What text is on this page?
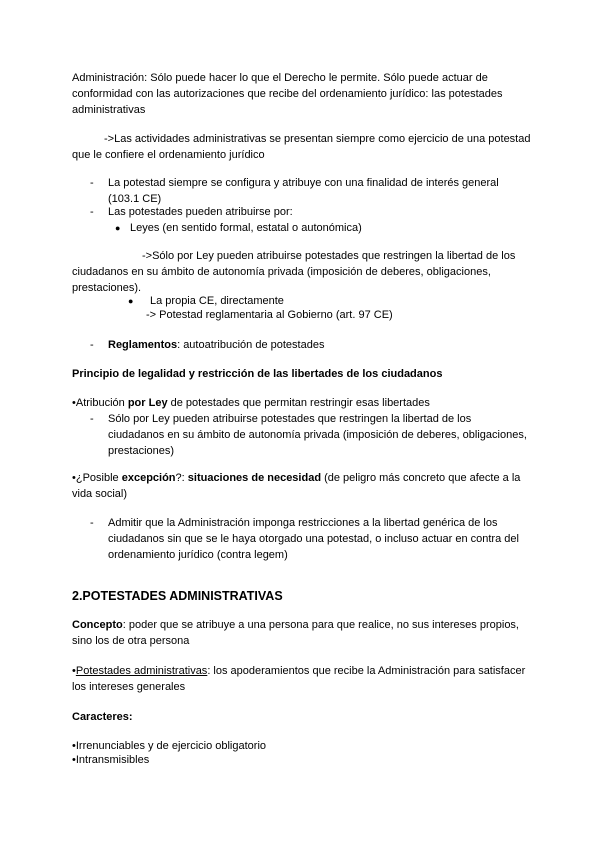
Administración: Sólo puede hacer lo que el Derecho le permite. Sólo puede actuar de conformidad con las autorizaciones que recibe del ordenamiento jurídico: las potestades administrativas
->Las actividades administrativas se presentan siempre como ejercicio de una potestad que le confiere el ordenamiento jurídico
-	La potestad siempre se configura y atribuye con una finalidad de interés general (103.1 CE)
-	Las potestades pueden atribuirse por:
● Leyes (en sentido formal, estatal o autonómica)
->Sólo por Ley pueden atribuirse potestades que restringen la libertad de los ciudadanos en su ámbito de autonomía privada (imposición de deberes, obligaciones, prestaciones).
●	La propia CE, directamente
-> Potestad reglamentaria al Gobierno (art. 97 CE)
-	Reglamentos: autoatribución de potestades
Principio de legalidad y restricción de las libertades de los ciudadanos
•Atribución por Ley de potestades que permitan restringir esas libertades
-	Sólo por Ley pueden atribuirse potestades que restringen la libertad de los ciudadanos en su ámbito de autonomía privada (imposición de deberes, obligaciones, prestaciones)
•¿Posible excepción?: situaciones de necesidad (de peligro más concreto que afecte a la vida social)
-	Admitir que la Administración imponga restricciones a la libertad genérica de los ciudadanos sin que se le haya otorgado una potestad, o incluso actuar en contra del ordenamiento jurídico (contra legem)
2.POTESTADES ADMINISTRATIVAS
Concepto: poder que se atribuye a una persona para que realice, no sus intereses propios, sino los de otra persona
•Potestades administrativas: los apoderamientos que recibe la Administración para satisfacer los intereses generales
Caracteres:
•Irrenunciables y de ejercicio obligatorio
•Intransmisibles
